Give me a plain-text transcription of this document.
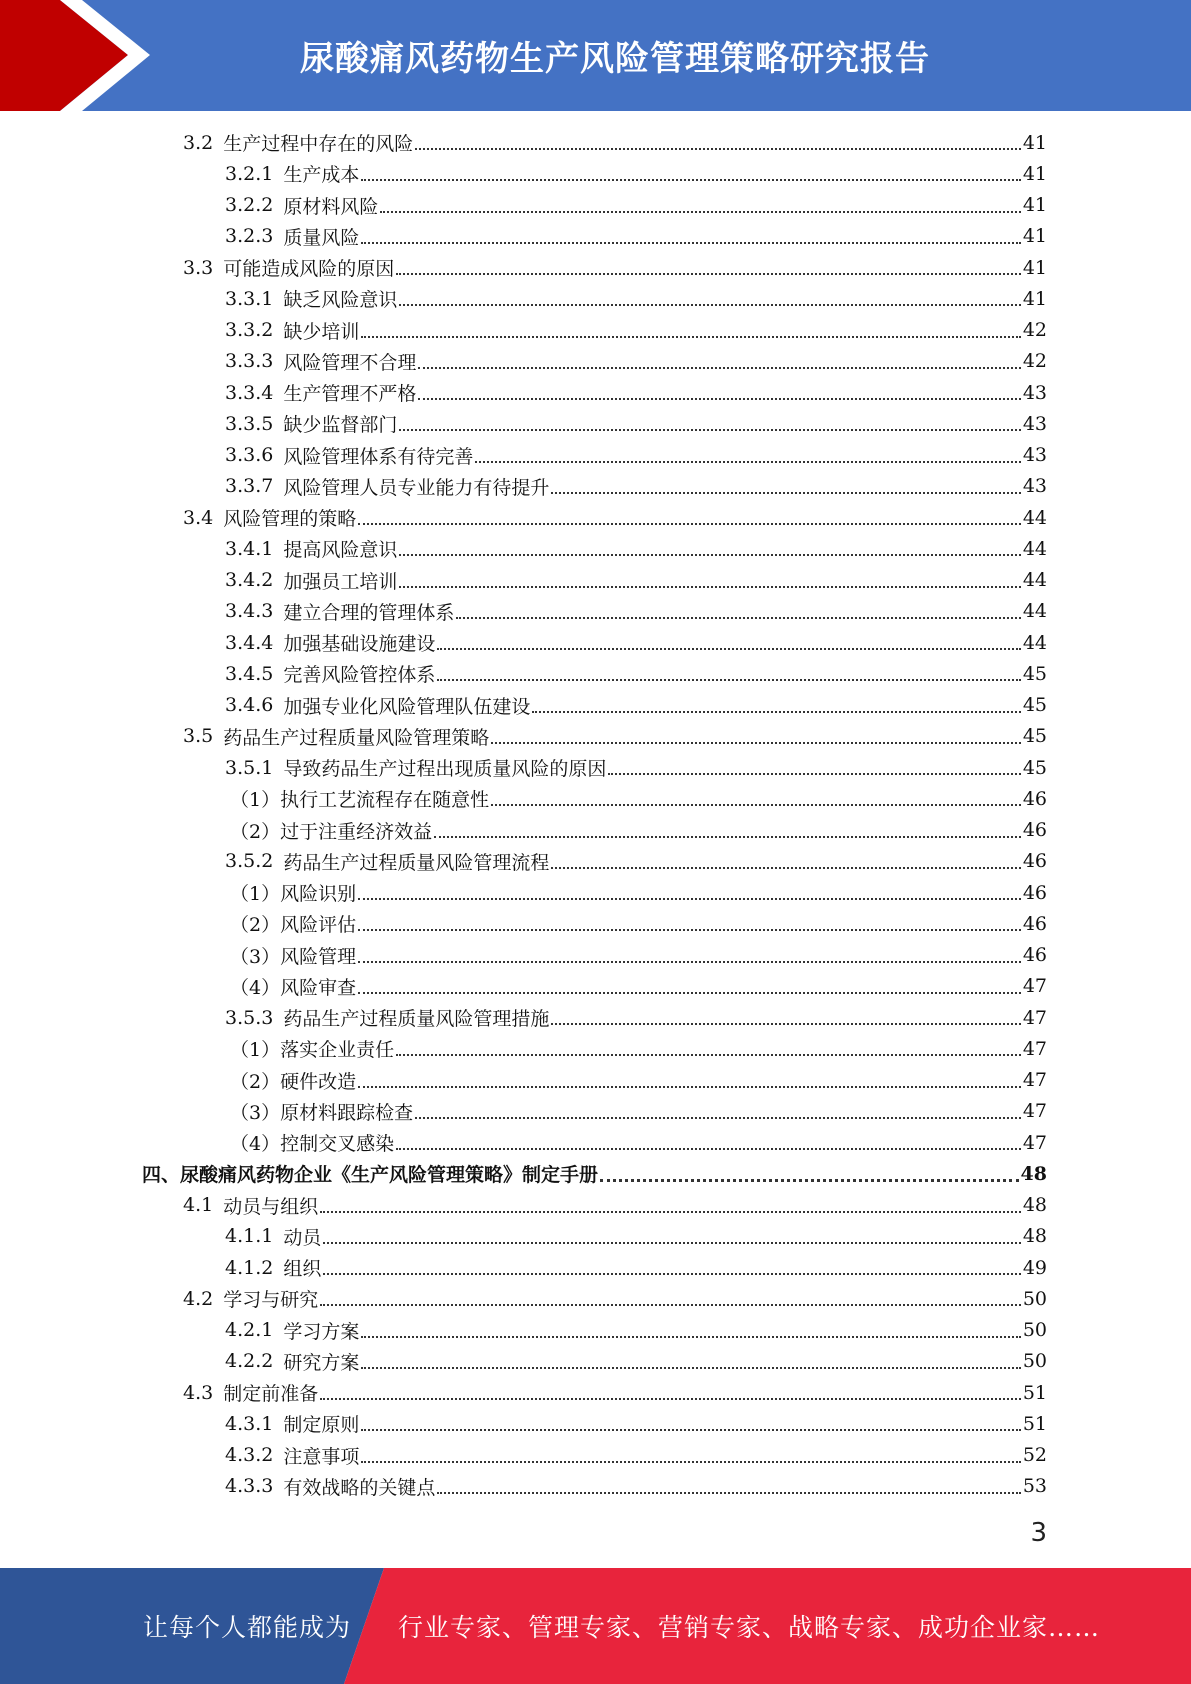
尿酸痛风药物生产风险管理策略研究报告
3.2 生产过程中存在的风险	41
3.2.1 生产成本	41
3.2.2 原材料风险	41
3.2.3 质量风险	41
3.3 可能造成风险的原因	41
3.3.1 缺乏风险意识	41
3.3.2 缺少培训	42
3.3.3 风险管理不合理	42
3.3.4 生产管理不严格	43
3.3.5 缺少监督部门	43
3.3.6 风险管理体系有待完善	43
3.3.7 风险管理人员专业能力有待提升	43
3.4 风险管理的策略	44
3.4.1 提高风险意识	44
3.4.2 加强员工培训	44
3.4.3 建立合理的管理体系	44
3.4.4 加强基础设施建设	44
3.4.5 完善风险管控体系	45
3.4.6 加强专业化风险管理队伍建设	45
3.5 药品生产过程质量风险管理策略	45
3.5.1 导致药品生产过程出现质量风险的原因	45
（1） 执行工艺流程存在随意性	46
（2） 过于注重经济效益	46
3.5.2 药品生产过程质量风险管理流程	46
（1） 风险识别	46
（2） 风险评估	46
（3） 风险管理	46
（4） 风险审查	47
3.5.3 药品生产过程质量风险管理措施	47
（1） 落实企业责任	47
（2） 硬件改造	47
（3） 原材料跟踪检查	47
（4） 控制交叉感染	47
四、 尿酸痛风药物企业《生产风险管理策略》制定手册	48
4.1 动员与组织	48
4.1.1 动员	48
4.1.2 组织	49
4.2 学习与研究	50
4.2.1 学习方案	50
4.2.2 研究方案	50
4.3 制定前准备	51
4.3.1 制定原则	51
4.3.2 注意事项	52
4.3.3 有效战略的关键点	53
3
让每个人都能成为 行业专家、管理专家、营销专家、战略专家、成功企业家……
